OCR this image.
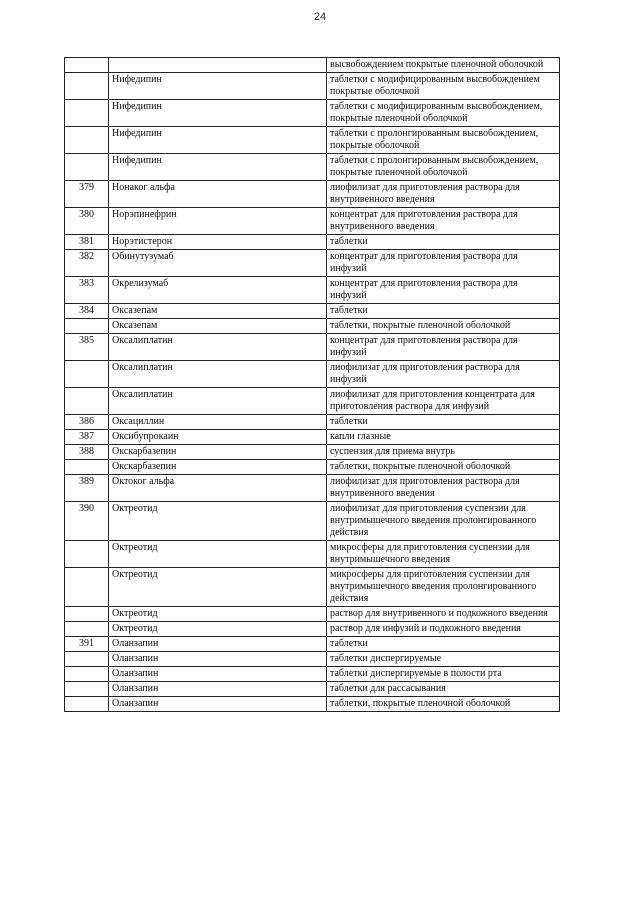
24
		высвобождением покрытые пленочной оболочкой
	Нифедипин	таблетки с модифицированным высвобождением покрытые оболочкой
	Нифедипин	таблетки с модифицированным высвобождением, покрытые пленочной оболочкой
	Нифедипин	таблетки с пролонгированным высвобождением, покрытые оболочкой
	Нифедипин	таблетки с пролонгированным высвобождением, покрытые пленочной оболочкой
379	Нонаког альфа	лиофилизат для приготовления раствора для внутривенного введения
380	Норэпинефрин	концентрат для приготовления раствора для внутривенного введения
381	Норэтистерон	таблетки
382	Обинутузумаб	концентрат для приготовления раствора для инфузий
383	Окрелизумаб	концентрат для приготовления раствора для инфузий
384	Оксазепам	таблетки
	Оксазепам	таблетки, покрытые пленочной оболочкой
385	Оксалиплатин	концентрат для приготовления раствора для инфузий
	Оксалиплатин	лиофилизат для приготовления раствора для инфузий
	Оксалиплатин	лиофилизат для приготовления концентрата для приготовления раствора для инфузий
386	Оксациллин	таблетки
387	Оксибупрокаин	капли глазные
388	Окскарбазепин	суспензия для приема внутрь
	Окскарбазепин	таблетки, покрытые пленочной оболочкой
389	Октоког альфа	лиофилизат для приготовления раствора для внутривенного введения
390	Октреотид	лиофилизат для приготовления суспензии для внутримышечного введения пролонгированного действия
	Октреотид	микросферы для приготовления суспензии для внутримышечного введения
	Октреотид	микросферы для приготовления суспензии для внутримышечного введения пролонгированного действия
	Октреотид	раствор для внутривенного и подкожного введения
	Октреотид	раствор для инфузий и подкожного введения
391	Оланзапин	таблетки
	Оланзапин	таблетки диспергируемые
	Оланзапин	таблетки диспергируемые в полости рта
	Оланзапин	таблетки для рассасывания
	Оланзапин	таблетки, покрытые пленочной оболочкой
